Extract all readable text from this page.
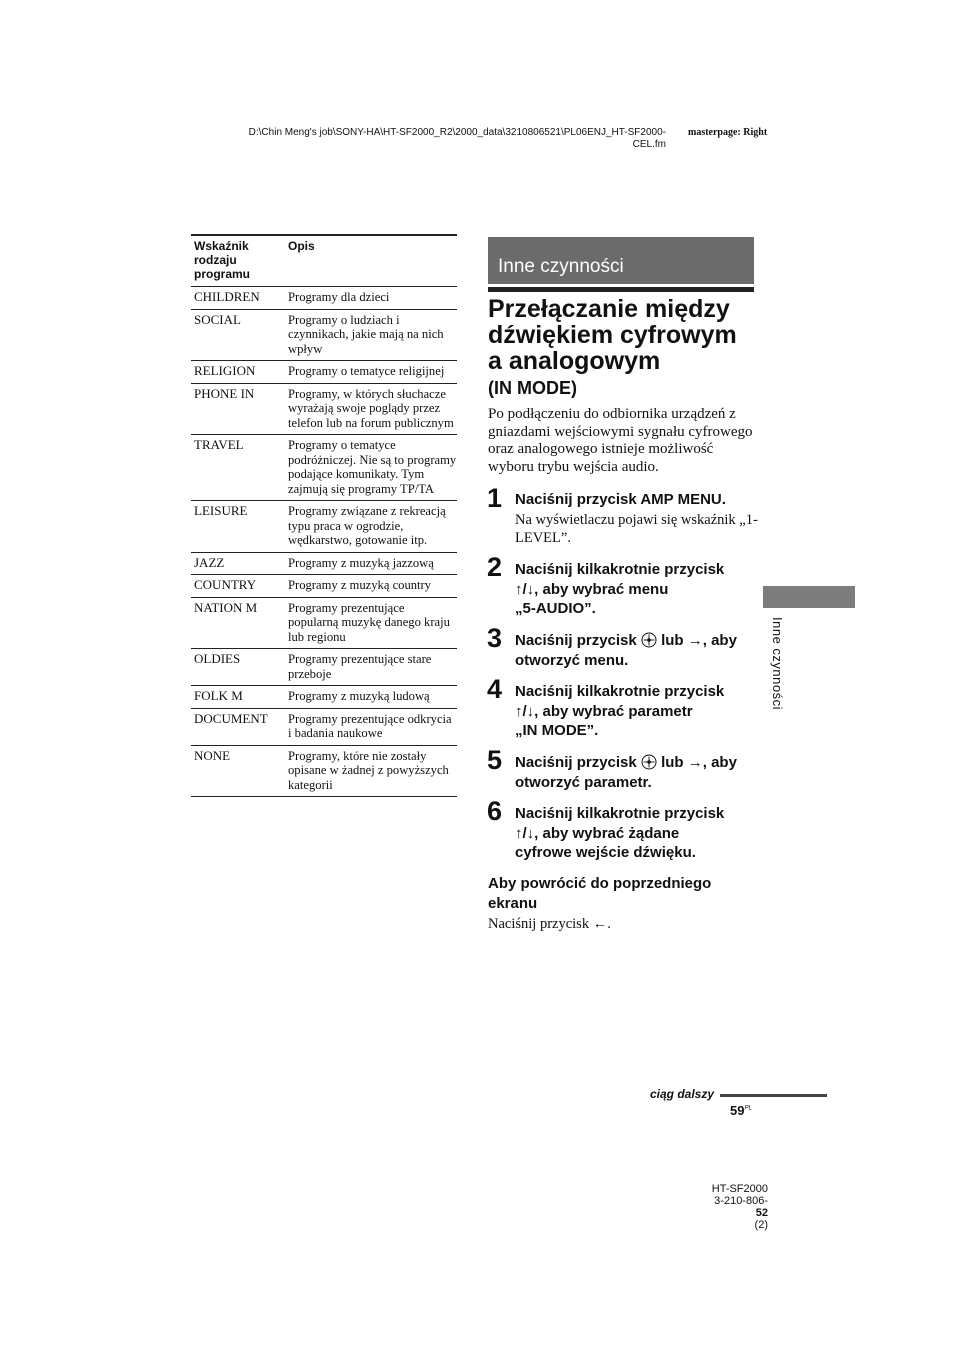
D:\Chin Meng's job\SONY-HA\HT-SF2000_R2\2000_data\3210806521\PL06ENJ_HT-SF2000-
CEL.fm
masterpage: Right
Wskaźnik rodzaju programu	Opis
CHILDREN	Programy dla dzieci
SOCIAL	Programy o ludziach i czynnikach, jakie mają na nich wpływ
RELIGION	Programy o tematyce religijnej
PHONE IN	Programy, w których słuchacze wyrażają swoje poglądy przez telefon lub na forum publicznym
TRAVEL	Programy o tematyce podróżniczej. Nie są to programy podające komunikaty. Tym zajmują się programy TP/TA
LEISURE	Programy związane z rekreacją typu praca w ogrodzie, wędkarstwo, gotowanie itp.
JAZZ	Programy z muzyką jazzową
COUNTRY	Programy z muzyką country
NATION M	Programy prezentujące popularną muzykę danego kraju lub regionu
OLDIES	Programy prezentujące stare przeboje
FOLK M	Programy z muzyką ludową
DOCUMENT	Programy prezentujące odkrycia i badania naukowe
NONE	Programy, które nie zostały opisane w żadnej z powyższych kategorii
Inne czynności
Przełączanie między
dźwiękiem cyfrowym
a analogowym
(IN MODE)
Po podłączeniu do odbiornika urządzeń z gniazdami wejściowymi sygnału cyfrowego oraz analogowego istnieje możliwość wyboru trybu wejścia audio.
1 Naciśnij przycisk AMP MENU.
Na wyświetlaczu pojawi się wskaźnik „1-LEVEL”.
2 Naciśnij kilkakrotnie przycisk
↑/↓, aby wybrać menu
„5-AUDIO”.
3 Naciśnij przycisk lub →, aby
otworzyć menu.
4 Naciśnij kilkakrotnie przycisk
↑/↓, aby wybrać parametr
„IN MODE”.
5 Naciśnij przycisk lub →, aby
otworzyć parametr.
6 Naciśnij kilkakrotnie przycisk
↑/↓, aby wybrać żądane
cyfrowe wejście dźwięku.
Aby powrócić do poprzedniego ekranu
Naciśnij przycisk ←.
Inne czynności
ciąg dalszy
$59^{PL}$
HT-SF2000
3-210-806-
52
(2)
